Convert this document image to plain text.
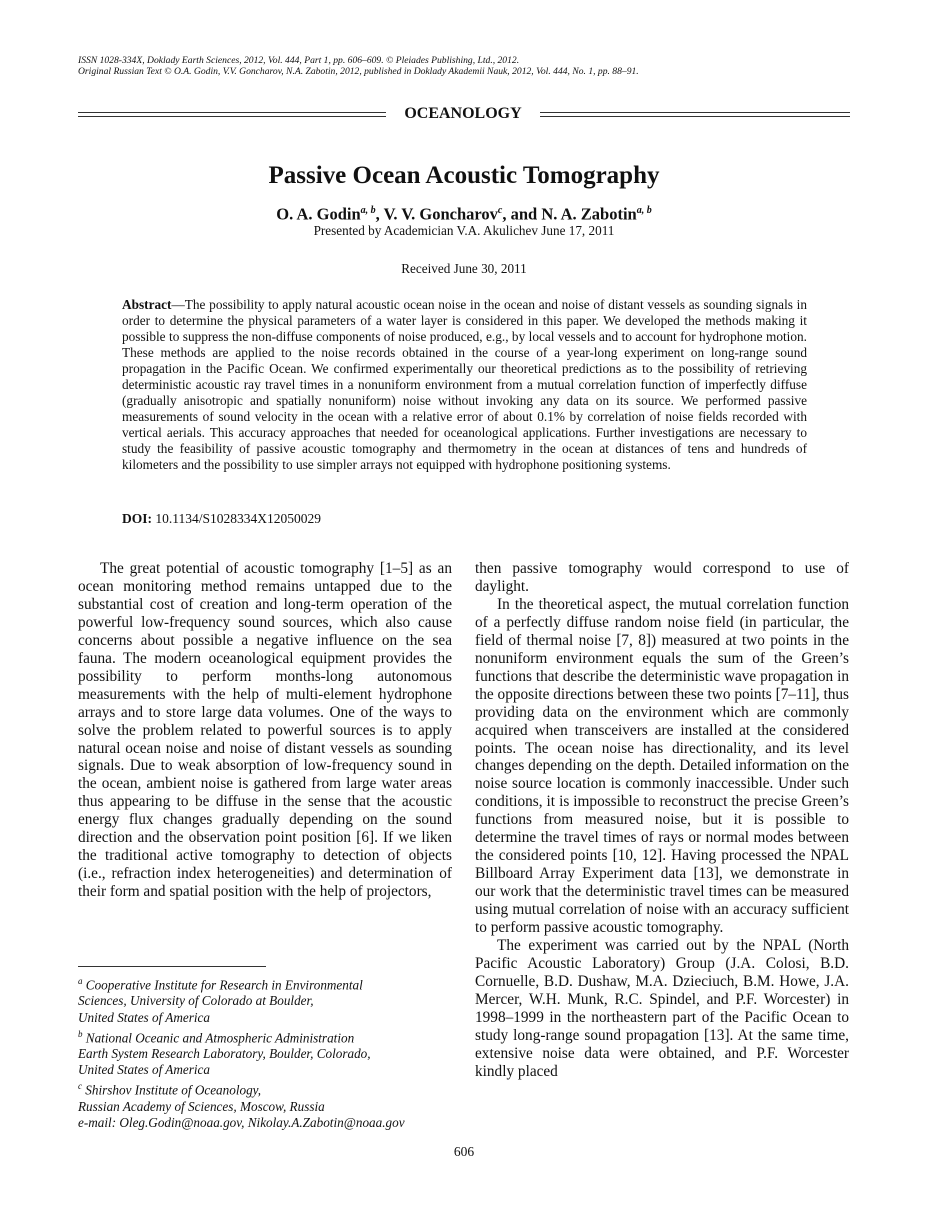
ISSN 1028-334X, Doklady Earth Sciences, 2012, Vol. 444, Part 1, pp. 606–609. © Pleiades Publishing, Ltd., 2012.
Original Russian Text © O.A. Godin, V.V. Goncharov, N.A. Zabotin, 2012, published in Doklady Akademii Nauk, 2012, Vol. 444, No. 1, pp. 88–91.
OCEANOLOGY
Passive Ocean Acoustic Tomography
O. A. Godin$^{a, b}$, V. V. Goncharov$^c$, and N. A. Zabotin$^{a, b}$
Presented by Academician V.A. Akulichev June 17, 2011
Received June 30, 2011
Abstract—The possibility to apply natural acoustic ocean noise in the ocean and noise of distant vessels as sounding signals in order to determine the physical parameters of a water layer is considered in this paper. We developed the methods making it possible to suppress the non-diffuse components of noise produced, e.g., by local vessels and to account for hydrophone motion. These methods are applied to the noise records obtained in the course of a year-long experiment on long-range sound propagation in the Pacific Ocean. We confirmed experimentally our theoretical predictions as to the possibility of retrieving deterministic acoustic ray travel times in a nonuniform environment from a mutual correlation function of imperfectly diffuse (gradually anisotropic and spatially nonuniform) noise without invoking any data on its source. We performed passive measurements of sound velocity in the ocean with a relative error of about 0.1% by correlation of noise fields recorded with vertical aerials. This accuracy approaches that needed for oceanological applications. Further investigations are necessary to study the feasibility of passive acoustic tomography and thermometry in the ocean at distances of tens and hundreds of kilometers and the possibility to use simpler arrays not equipped with hydrophone positioning systems.
DOI: 10.1134/S1028334X12050029

The great potential of acoustic tomography [1–5] as an ocean monitoring method remains untapped due to the substantial cost of creation and long-term operation of the powerful low-frequency sound sources, which also cause concerns about possible a negative influence on the sea fauna. The modern oceanological equipment provides the possibility to perform months-long autonomous measurements with the help of multi-element hydrophone arrays and to store large data volumes. One of the ways to solve the problem related to powerful sources is to apply natural ocean noise and noise of distant vessels as sounding signals. Due to weak absorption of low-frequency sound in the ocean, ambient noise is gathered from large water areas thus appearing to be diffuse in the sense that the acoustic energy flux changes gradually depending on the sound direction and the observation point position [6]. If we liken the traditional active tomography to detection of objects (i.e., refraction index heterogeneities) and determination of their form and spatial position with the help of projectors,

then passive tomography would correspond to use of daylight.

In the theoretical aspect, the mutual correlation function of a perfectly diffuse random noise field (in particular, the field of thermal noise [7, 8]) measured at two points in the nonuniform environment equals the sum of the Green’s functions that describe the deterministic wave propagation in the opposite directions between these two points [7–11], thus providing data on the environment which are commonly acquired when transceivers are installed at the considered points. The ocean noise has directionality, and its level changes depending on the depth. Detailed information on the noise source location is commonly inaccessible. Under such conditions, it is impossible to reconstruct the precise Green’s functions from measured noise, but it is possible to determine the travel times of rays or normal modes between the considered points [10, 12]. Having processed the NPAL Billboard Array Experiment data [13], we demonstrate in our work that the deterministic travel times can be measured using mutual correlation of noise with an accuracy sufficient to perform passive acoustic tomography.

The experiment was carried out by the NPAL (North Pacific Acoustic Laboratory) Group (J.A. Colosi, B.D. Cornuelle, B.D. Dushaw, M.A. Dzieciuch, B.M. Howe, J.A. Mercer, W.H. Munk, R.C. Spindel, and P.F. Worcester) in 1998–1999 in the northeastern part of the Pacific Ocean to study long-range sound propagation [13]. At the same time, extensive noise data were obtained, and P.F. Worcester kindly placed

$^a$ Cooperative Institute for Research in Environmental
Sciences, University of Colorado at Boulder,
United States of America
$^b$ National Oceanic and Atmospheric Administration
Earth System Research Laboratory, Boulder, Colorado,
United States of America
$^c$ Shirshov Institute of Oceanology,
Russian Academy of Sciences, Moscow, Russia
e-mail: Oleg.Godin@noaa.gov, Nikolay.A.Zabotin@noaa.gov
606
